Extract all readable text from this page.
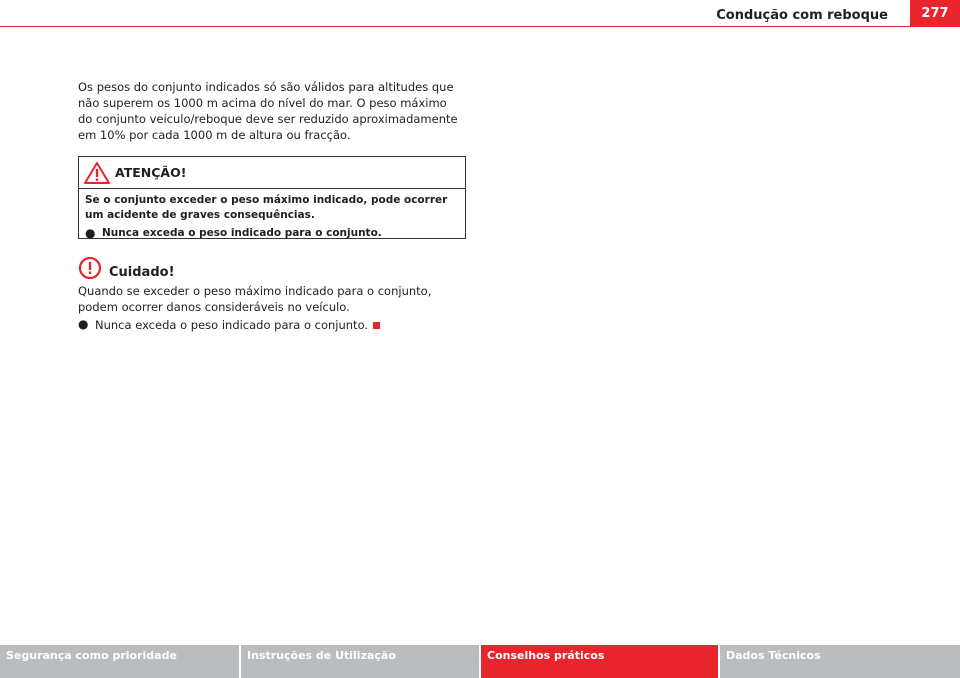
Condução com reboque	277

Os pesos do conjunto indicados só são válidos para altitudes que não superem os 1000 m acima do nível do mar. O peso máximo do conjunto veículo/reboque deve ser reduzido aproximadamente em 10% por cada 1000 m de altura ou fracção.

ATENÇÃO!

Se o conjunto exceder o peso máximo indicado, pode ocorrer um acidente de graves consequências.

● Nunca exceda o peso indicado para o conjunto.
Cuidado!

Quando se exceder o peso máximo indicado para o conjunto, podem ocorrer danos consideráveis no veículo.

● Nunca exceda o peso indicado para o conjunto.
Segurança como prioridade	Instruções de Utilização	Conselhos práticos	Dados Técnicos
